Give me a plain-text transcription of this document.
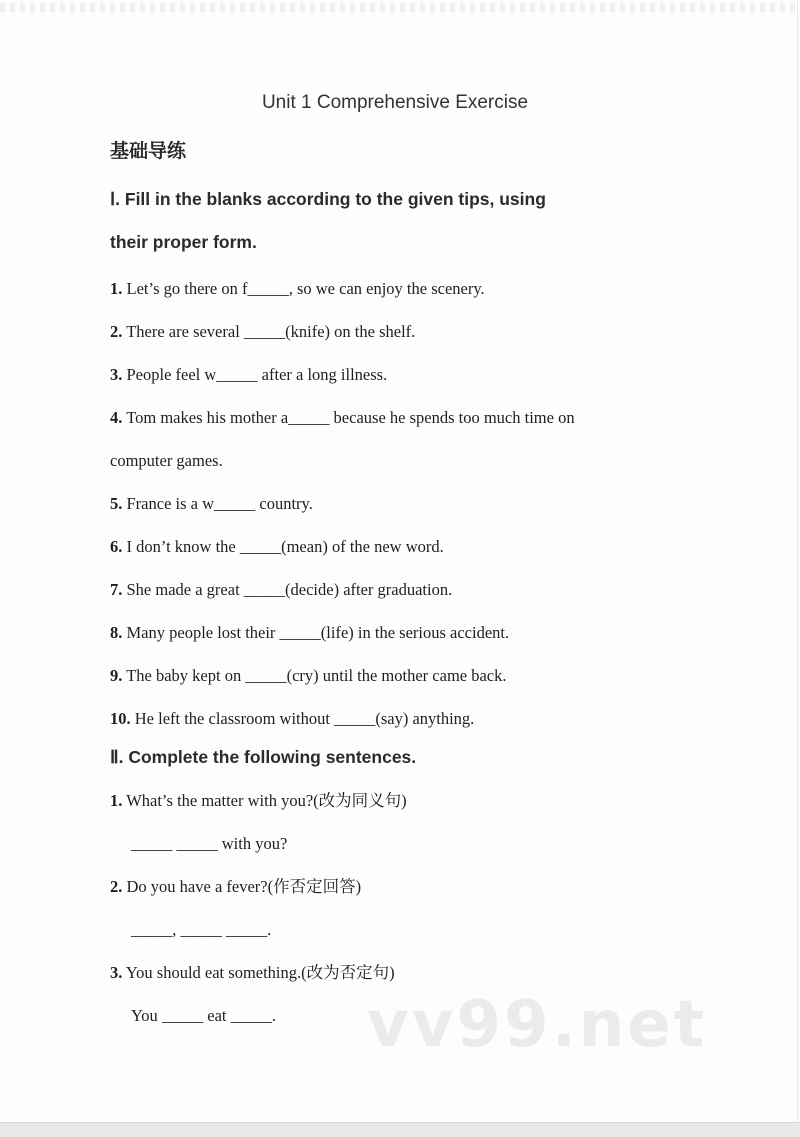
Unit 1 Comprehensive Exercise
基础导练
Ⅰ. Fill in the blanks according to the given tips, using
their proper form.
1. Let’s go there on f_____, so we can enjoy the scenery.
2. There are several _____(knife) on the shelf.
3. People feel w_____ after a long illness.
4. Tom makes his mother a_____ because he spends too much time on
computer games.
5. France is a w_____ country.
6. I don’t know the _____(mean) of the new word.
7. She made a great _____(decide) after graduation.
8. Many people lost their _____(life) in the serious accident.
9. The baby kept on _____(cry) until the mother came back.
10. He left the classroom without _____(say) anything.
Ⅱ. Complete the following sentences.
1. What’s the matter with you?(改为同义句)
_____ _____ with you?
2. Do you have a fever?(作否定回答)
_____, _____ _____.
3. You should eat something.(改为否定句)
You _____ eat _____.	vv99.net
